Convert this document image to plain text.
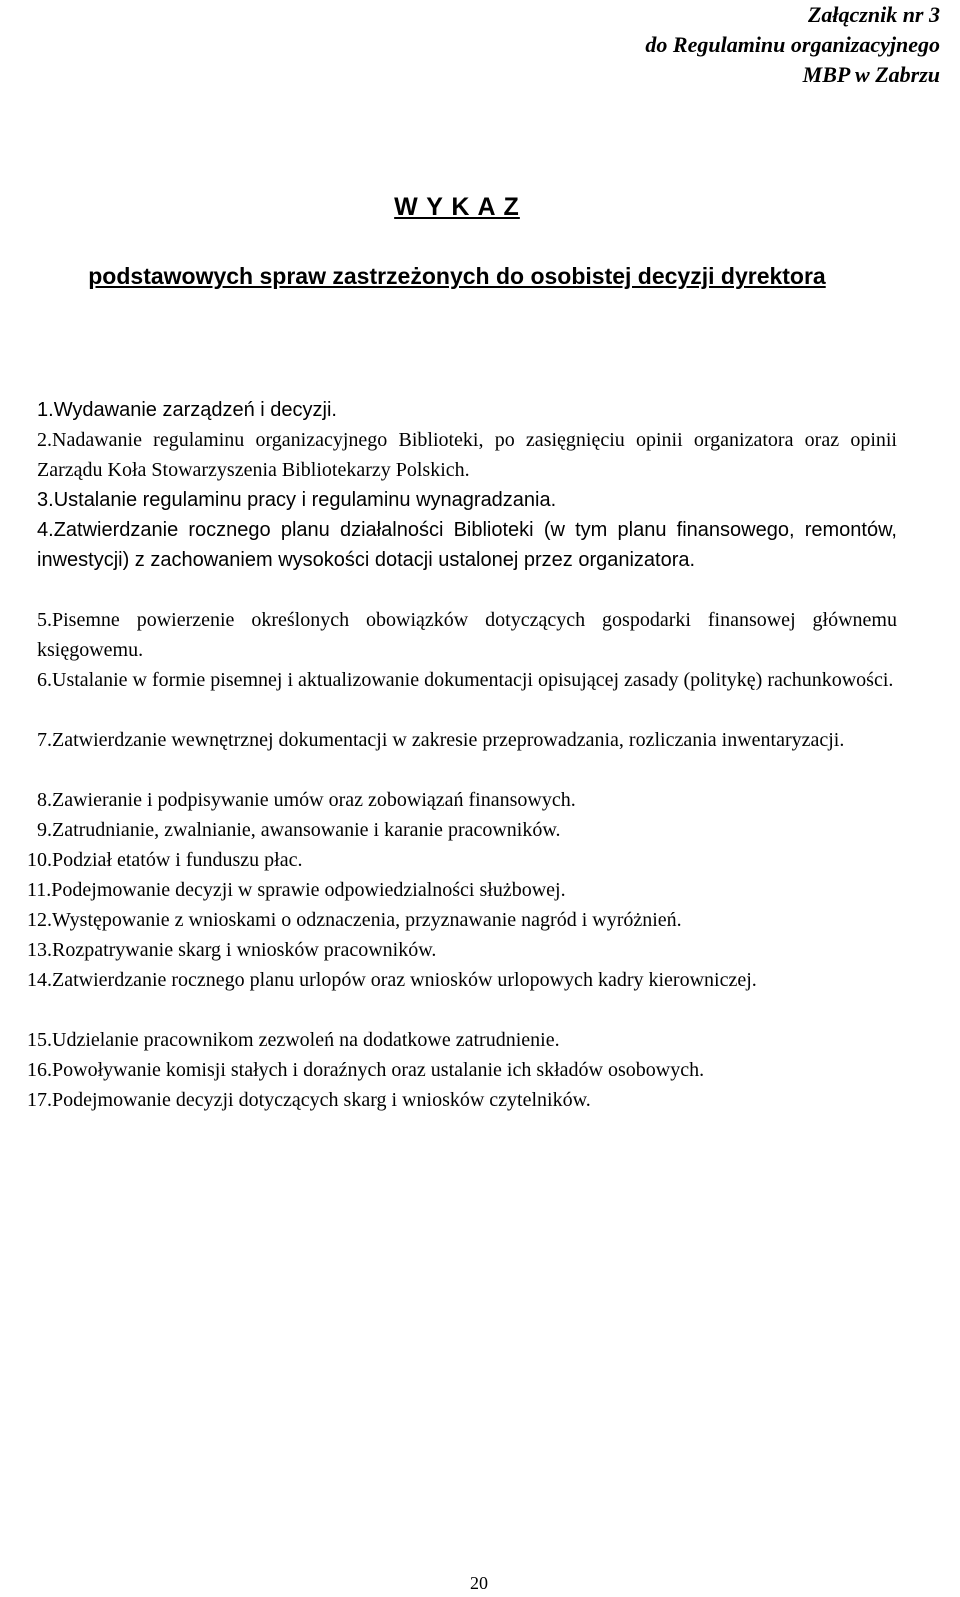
Załącznik nr 3
do Regulaminu organizacyjnego
MBP w Zabrzu
W Y K A Z
podstawowych spraw zastrzeżonych do osobistej decyzji dyrektora
1.Wydawanie zarządzeń i decyzji.
2.Nadawanie regulaminu organizacyjnego Biblioteki, po zasięgnięciu opinii organizatora oraz opinii Zarządu Koła Stowarzyszenia Bibliotekarzy Polskich.
3.Ustalanie regulaminu pracy i regulaminu wynagradzania.
4.Zatwierdzanie rocznego planu działalności Biblioteki (w tym planu finansowego, remontów, inwestycji) z zachowaniem wysokości dotacji ustalonej przez organizatora.
5.Pisemne powierzenie określonych obowiązków dotyczących gospodarki finansowej głównemu księgowemu.
6.Ustalanie w formie pisemnej i aktualizowanie dokumentacji opisującej zasady (politykę) rachunkowości.
7.Zatwierdzanie wewnętrznej dokumentacji w zakresie przeprowadzania, rozliczania inwentaryzacji.
8.Zawieranie i podpisywanie umów oraz zobowiązań finansowych.
9.Zatrudnianie, zwalnianie, awansowanie i karanie pracowników.
10.Podział etatów i funduszu płac.
11.Podejmowanie decyzji w sprawie odpowiedzialności służbowej.
12.Występowanie z wnioskami o odznaczenia, przyznawanie nagród i wyróżnień.
13.Rozpatrywanie skarg i wniosków pracowników.
14.Zatwierdzanie rocznego planu urlopów oraz wniosków urlopowych kadry kierowniczej.
15.Udzielanie pracownikom zezwoleń na dodatkowe zatrudnienie.
16.Powoływanie komisji stałych i doraźnych oraz ustalanie ich składów osobowych.
17.Podejmowanie decyzji dotyczących skarg i wniosków czytelników.
20
